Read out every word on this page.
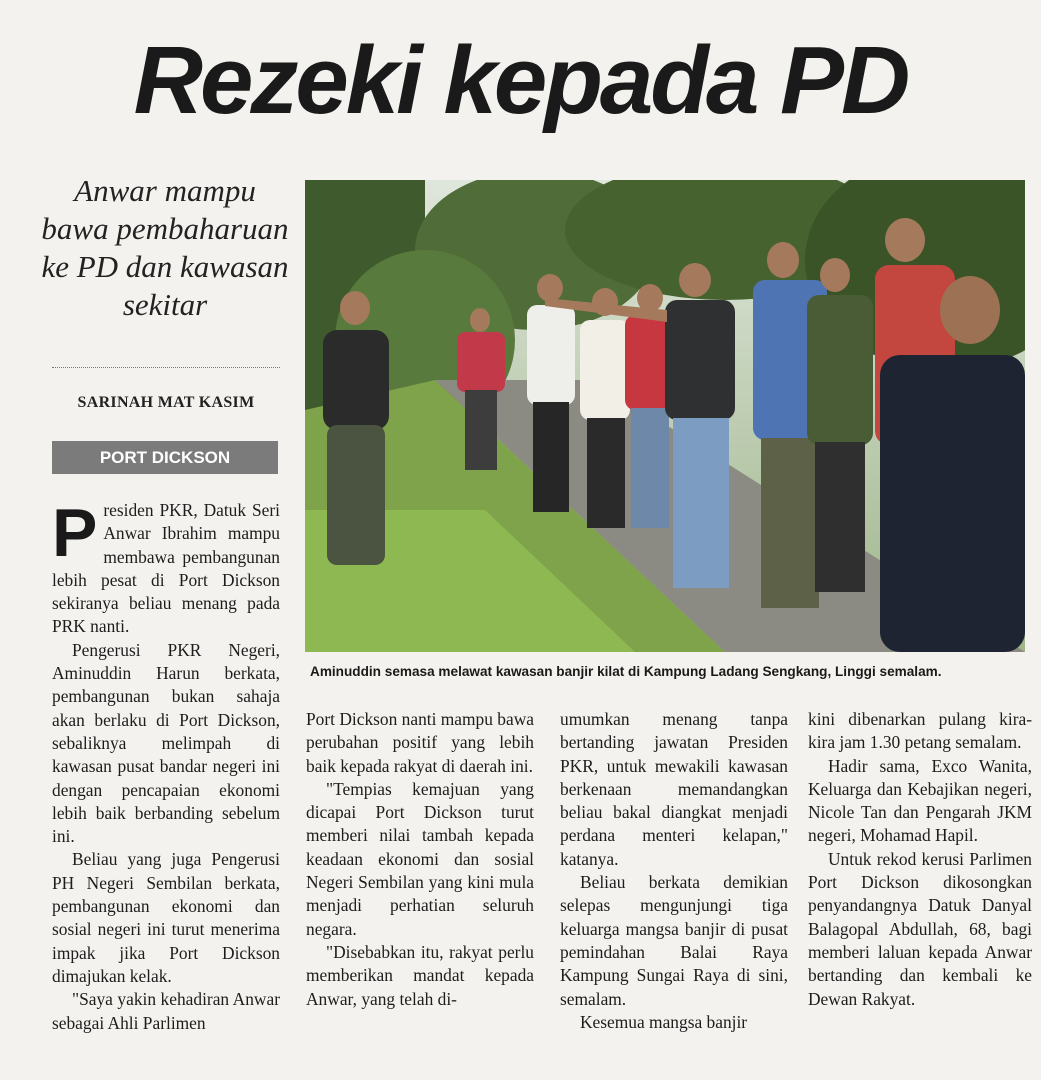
Rezeki kepada PD
Anwar mampu bawa pembaharuan ke PD dan kawasan sekitar
SARINAH MAT KASIM
PORT DICKSON
Aminuddin semasa melawat kawasan banjir kilat di Kampung Ladang Sengkang, Linggi semalam.

Presiden PKR, Datuk Seri Anwar Ibrahim mampu membawa pembangunan lebih pesat di Port Dickson sekiranya beliau menang pada PRK nanti.

Pengerusi PKR Negeri, Aminuddin Harun berkata, pembangunan bukan sahaja akan berlaku di Port Dickson, sebaliknya melimpah di kawasan pusat bandar negeri ini dengan pencapaian ekonomi lebih baik berbanding sebelum ini.

Beliau yang juga Pengerusi PH Negeri Sembilan berkata, pembangunan ekonomi dan sosial negeri ini turut menerima impak jika Port Dickson dimajukan kelak.

"Saya yakin kehadiran Anwar sebagai Ahli Parlimen

Port Dickson nanti mampu bawa perubahan positif yang lebih baik kepada rakyat di daerah ini.

"Tempias kemajuan yang dicapai Port Dickson turut memberi nilai tambah kepada keadaan ekonomi dan sosial Negeri Sembilan yang kini mula menjadi perhatian seluruh negara.

"Disebabkan itu, rakyat perlu memberikan mandat kepada Anwar, yang telah di-

umumkan menang tanpa bertanding jawatan Presiden PKR, untuk mewakili kawasan berkenaan memandangkan beliau bakal diangkat menjadi perdana menteri kelapan," katanya.

Beliau berkata demikian selepas mengunjungi tiga keluarga mangsa banjir di pusat pemindahan Balai Raya Kampung Sungai Raya di sini, semalam.

Kesemua mangsa banjir

kini dibenarkan pulang kira-kira jam 1.30 petang semalam.

Hadir sama, Exco Wanita, Keluarga dan Kebajikan negeri, Nicole Tan dan Pengarah JKM negeri, Mohamad Hapil.

Untuk rekod kerusi Parlimen Port Dickson dikosongkan penyandangnya Datuk Danyal Balagopal Abdullah, 68, bagi memberi laluan kepada Anwar bertanding dan kembali ke Dewan Rakyat.
